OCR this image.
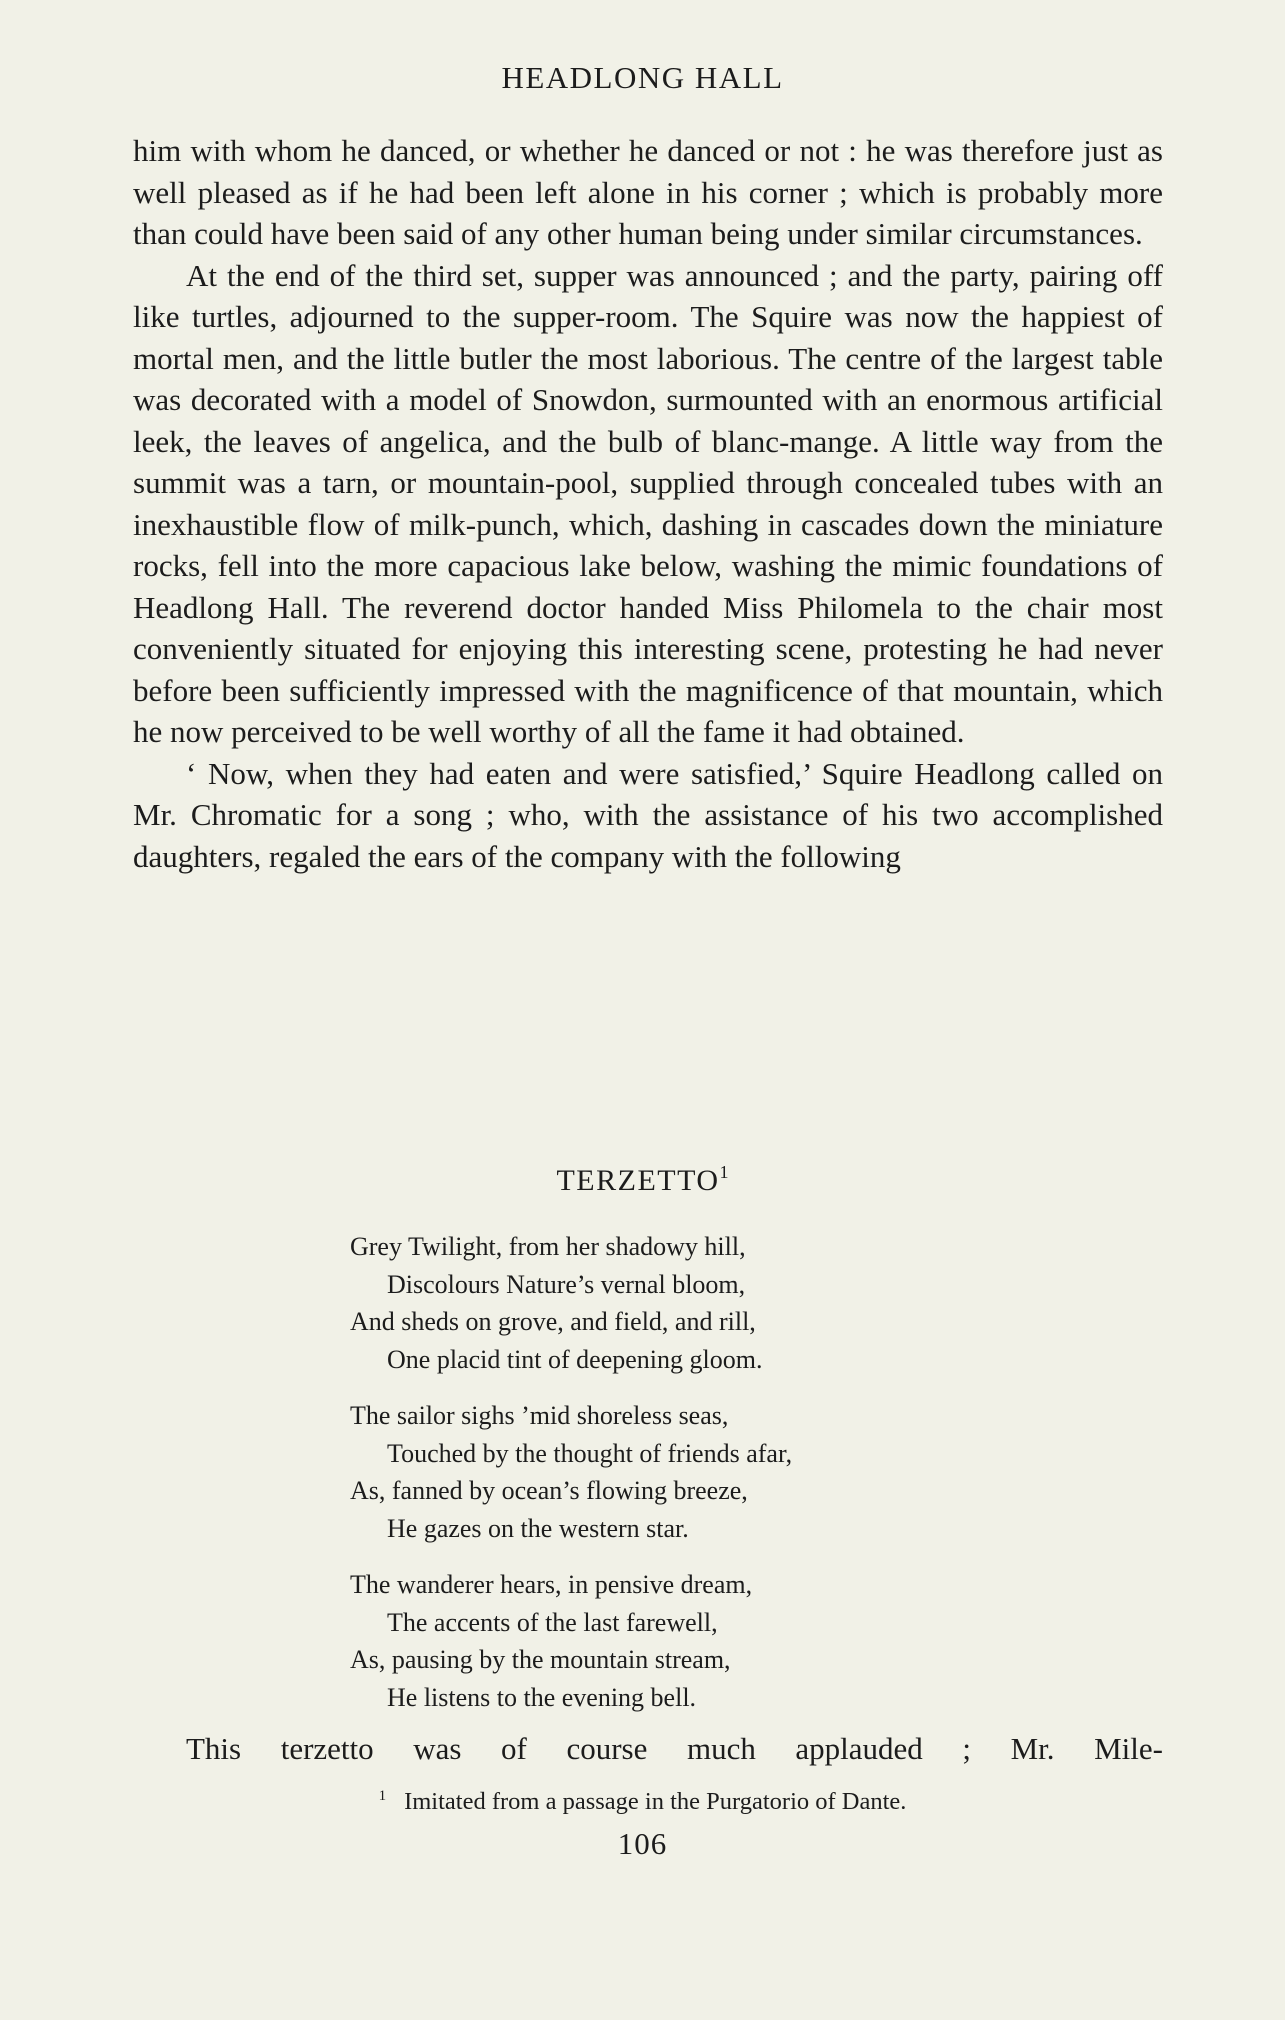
HEADLONG HALL

him with whom he danced, or whether he danced or not : he was therefore just as well pleased as if he had been left alone in his corner ; which is probably more than could have been said of any other human being under similar circumstances.

At the end of the third set, supper was announced ; and the party, pairing off like turtles, adjourned to the supper-room. The Squire was now the happiest of mortal men, and the little butler the most laborious. The centre of the largest table was decorated with a model of Snowdon, surmounted with an enormous artificial leek, the leaves of angelica, and the bulb of blanc-mange. A little way from the summit was a tarn, or mountain-pool, supplied through concealed tubes with an inexhaustible flow of milk-punch, which, dashing in cascades down the miniature rocks, fell into the more capacious lake below, washing the mimic foundations of Headlong Hall. The reverend doctor handed Miss Philomela to the chair most conveniently situated for enjoying this interesting scene, protesting he had never before been sufficiently impressed with the magnificence of that mountain, which he now perceived to be well worthy of all the fame it had obtained.

‘ Now, when they had eaten and were satisfied,’ Squire Headlong called on Mr. Chromatic for a song ; who, with the assistance of his two accomplished daughters, regaled the ears of the company with the following

TERZETTO$^1$
Grey Twilight, from her shadowy hill,
Discolours Nature’s vernal bloom,
And sheds on grove, and field, and rill,
One placid tint of deepening gloom.
The sailor sighs ’mid shoreless seas,
Touched by the thought of friends afar,
As, fanned by ocean’s flowing breeze,
He gazes on the western star.
The wanderer hears, in pensive dream,
The accents of the last farewell,
As, pausing by the mountain stream,
He listens to the evening bell.
This terzetto was of course much applauded ; Mr. Mile-
$^1$ Imitated from a passage in the Purgatorio of Dante.
106
